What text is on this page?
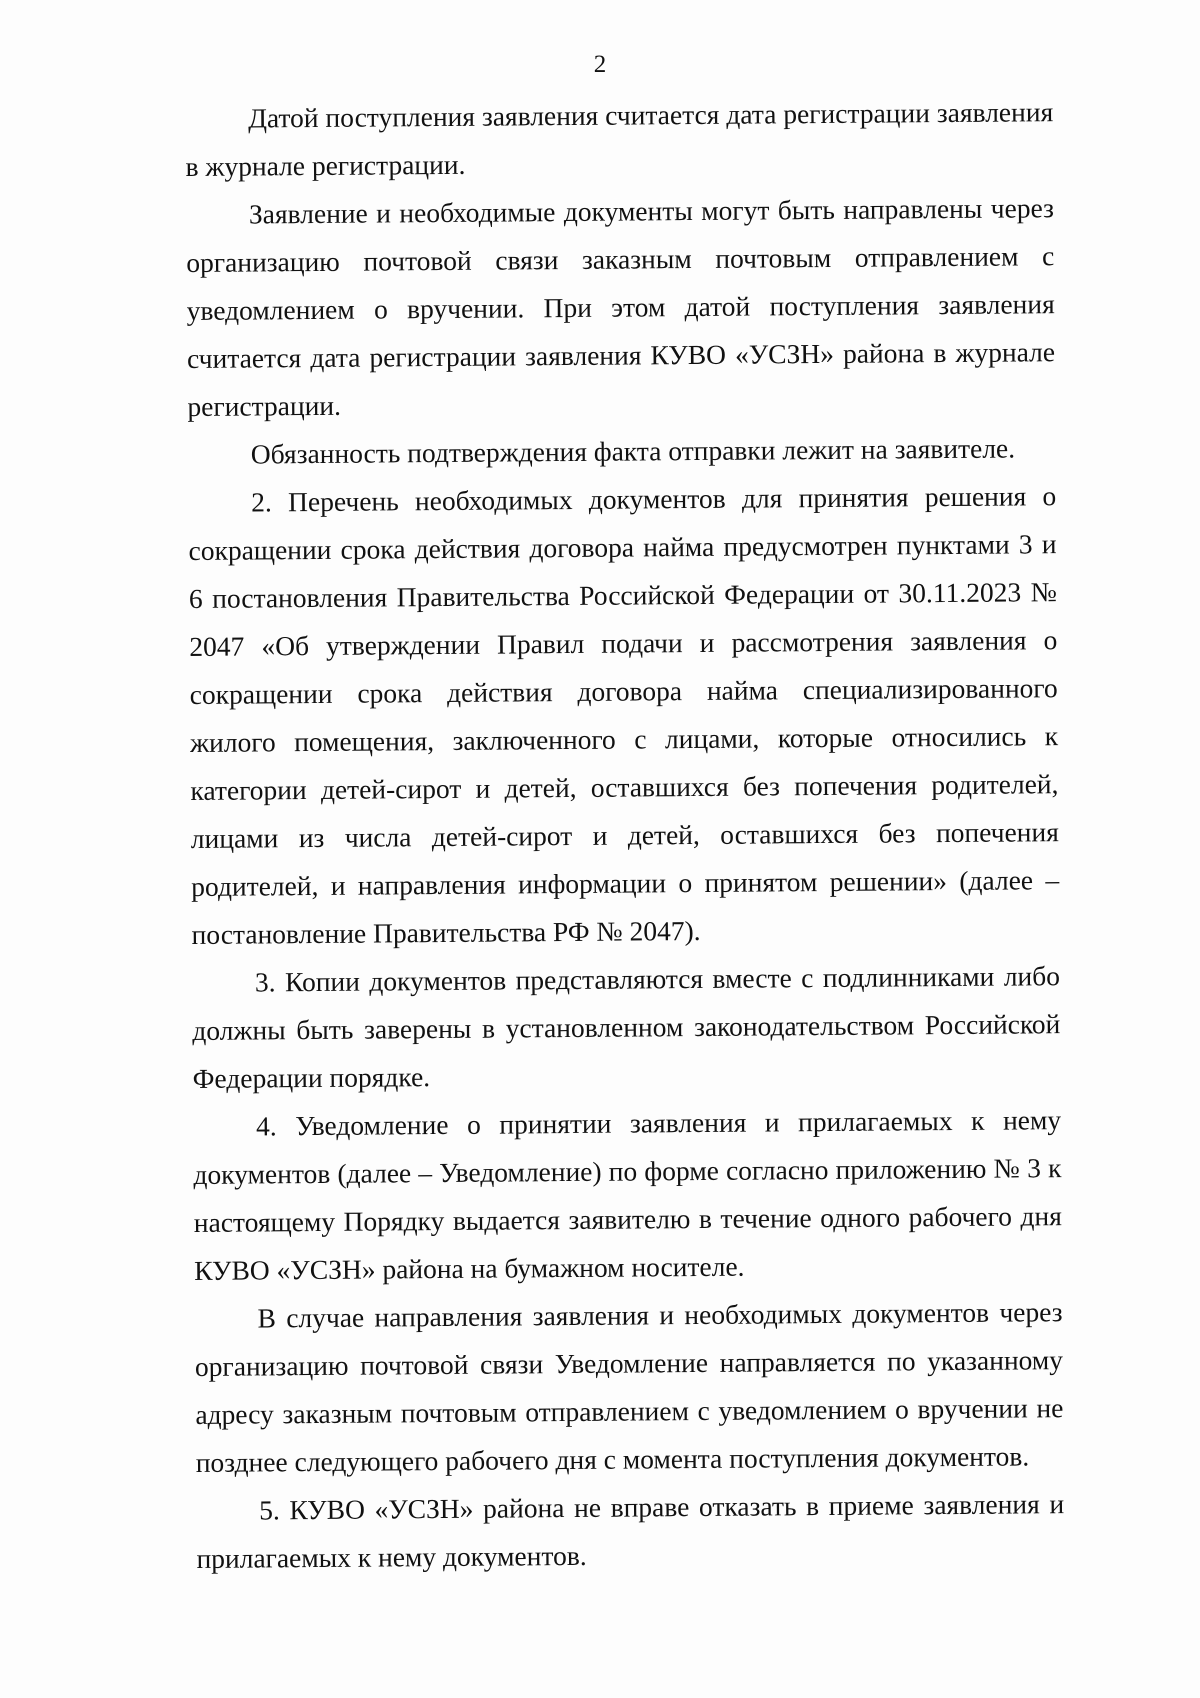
2

Датой поступления заявления считается дата регистрации заявления в журнале регистрации.

Заявление и необходимые документы могут быть направлены через организацию почтовой связи заказным почтовым отправлением с уведомлением о вручении. При этом датой поступления заявления считается дата регистрации заявления КУВО «УСЗН» района в журнале регистрации.

Обязанность подтверждения факта отправки лежит на заявителе.

2. Перечень необходимых документов для принятия решения о сокращении срока действия договора найма предусмотрен пунктами 3 и 6 постановления Правительства Российской Федерации от 30.11.2023 № 2047 «Об утверждении Правил подачи и рассмотрения заявления о сокращении срока действия договора найма специализированного жилого помещения, заключенного с лицами, которые относились к категории детей-сирот и детей, оставшихся без попечения родителей, лицами из числа детей-сирот и детей, оставшихся без попечения родителей, и направления информации о принятом решении» (далее – постановление Правительства РФ № 2047).

3. Копии документов представляются вместе с подлинниками либо должны быть заверены в установленном законодательством Российской Федерации порядке.

4. Уведомление о принятии заявления и прилагаемых к нему документов (далее – Уведомление) по форме согласно приложению № 3 к настоящему Порядку выдается заявителю в течение одного рабочего дня КУВО «УСЗН» района на бумажном носителе.

В случае направления заявления и необходимых документов через организацию почтовой связи Уведомление направляется по указанному адресу заказным почтовым отправлением с уведомлением о вручении не позднее следующего рабочего дня с момента поступления документов.

5. КУВО «УСЗН» района не вправе отказать в приеме заявления и прилагаемых к нему документов.
